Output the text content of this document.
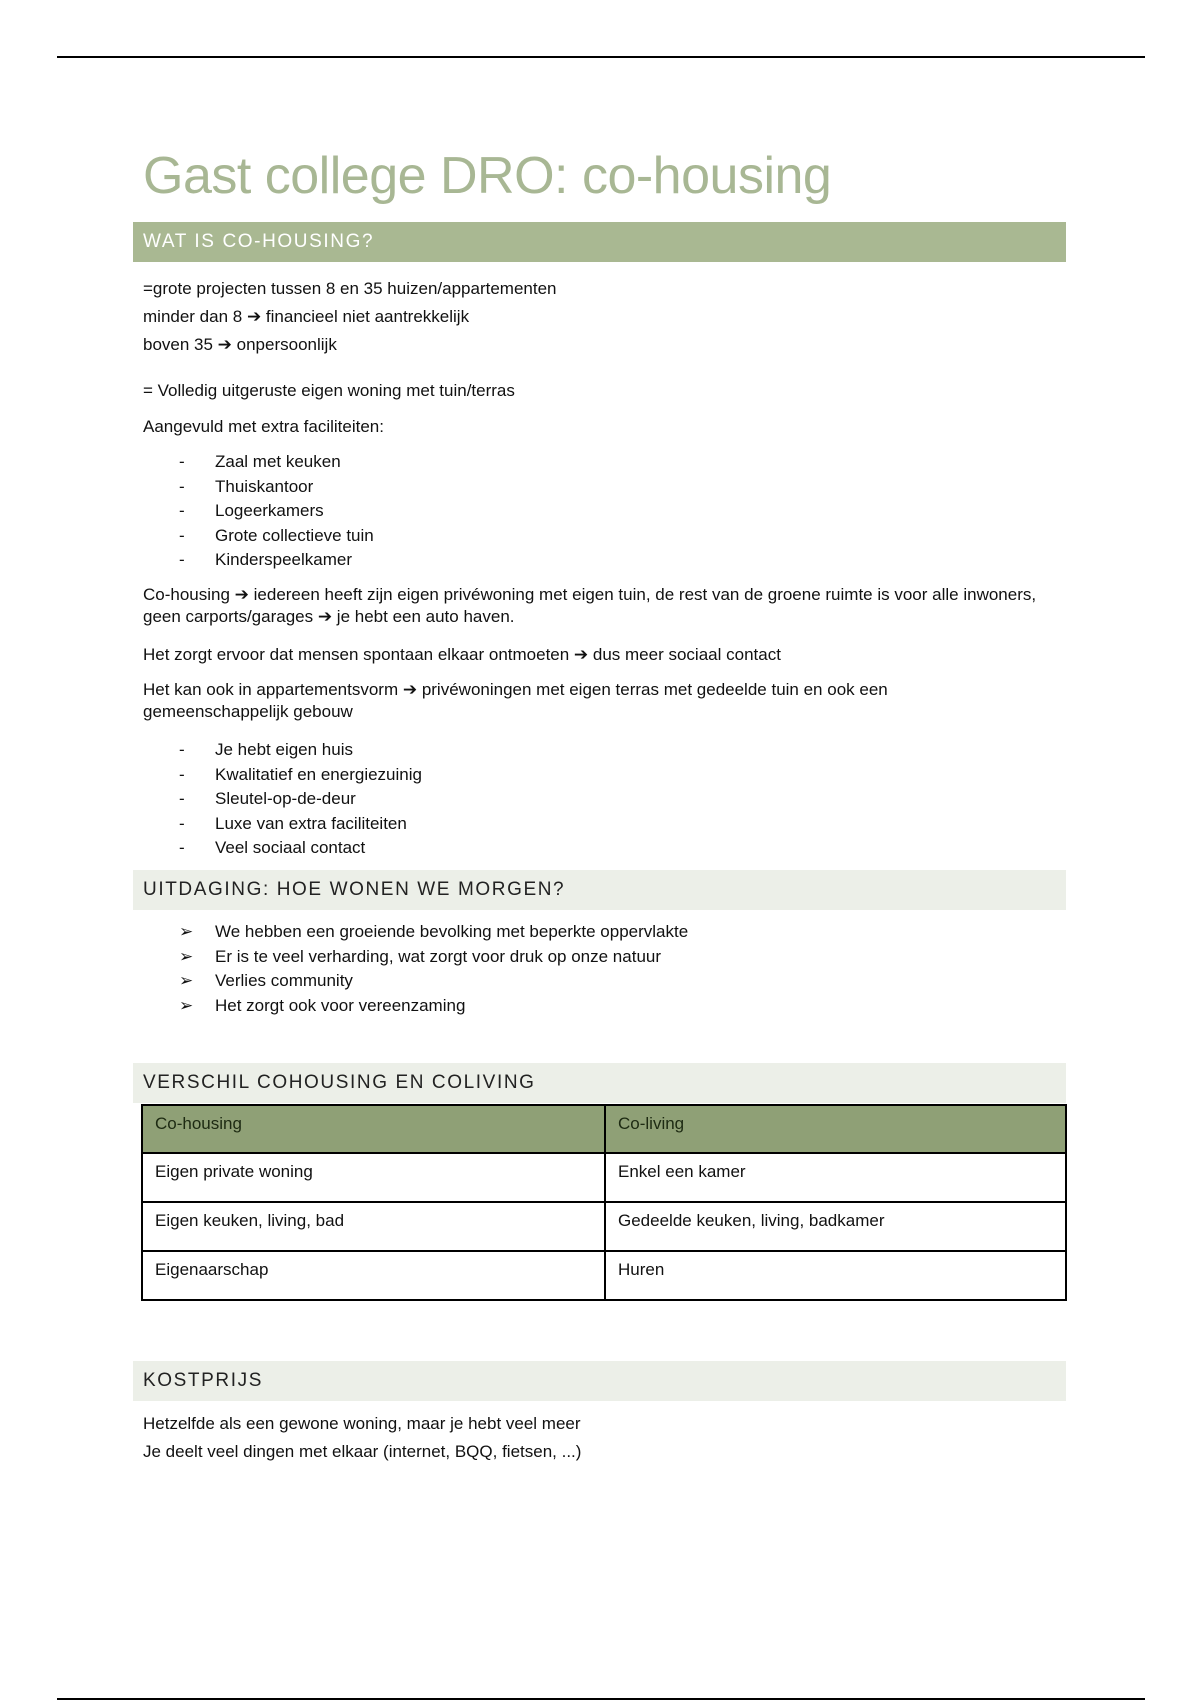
Gast college DRO: co-housing
WAT IS CO-HOUSING?
=grote projecten tussen 8 en 35 huizen/appartementen
minder dan 8 ➔ financieel niet aantrekkelijk
boven 35 ➔ onpersoonlijk
= Volledig uitgeruste eigen woning met tuin/terras
Aangevuld met extra faciliteiten:
- Zaal met keuken
- Thuiskantoor
- Logeerkamers
- Grote collectieve tuin
- Kinderspeelkamer
Co-housing ➔ iedereen heeft zijn eigen privéwoning met eigen tuin, de rest van de groene ruimte is voor alle inwoners, geen carports/garages ➔ je hebt een auto haven.
Het zorgt ervoor dat mensen spontaan elkaar ontmoeten ➔ dus meer sociaal contact
Het kan ook in appartementsvorm ➔ privéwoningen met eigen terras met gedeelde tuin en ook een gemeenschappelijk gebouw
- Je hebt eigen huis
- Kwalitatief en energiezuinig
- Sleutel-op-de-deur
- Luxe van extra faciliteiten
- Veel sociaal contact
UITDAGING: HOE WONEN WE MORGEN?
➢ We hebben een groeiende bevolking met beperkte oppervlakte
➢ Er is te veel verharding, wat zorgt voor druk op onze natuur
➢ Verlies community
➢ Het zorgt ook voor vereenzaming
VERSCHIL COHOUSING EN COLIVING
Co-housing	Co-living
Eigen private woning	Enkel een kamer
Eigen keuken, living, bad	Gedeelde keuken, living, badkamer
Eigenaarschap	Huren
KOSTPRIJS
Hetzelfde als een gewone woning, maar je hebt veel meer
Je deelt veel dingen met elkaar (internet, BQQ, fietsen, ...)
